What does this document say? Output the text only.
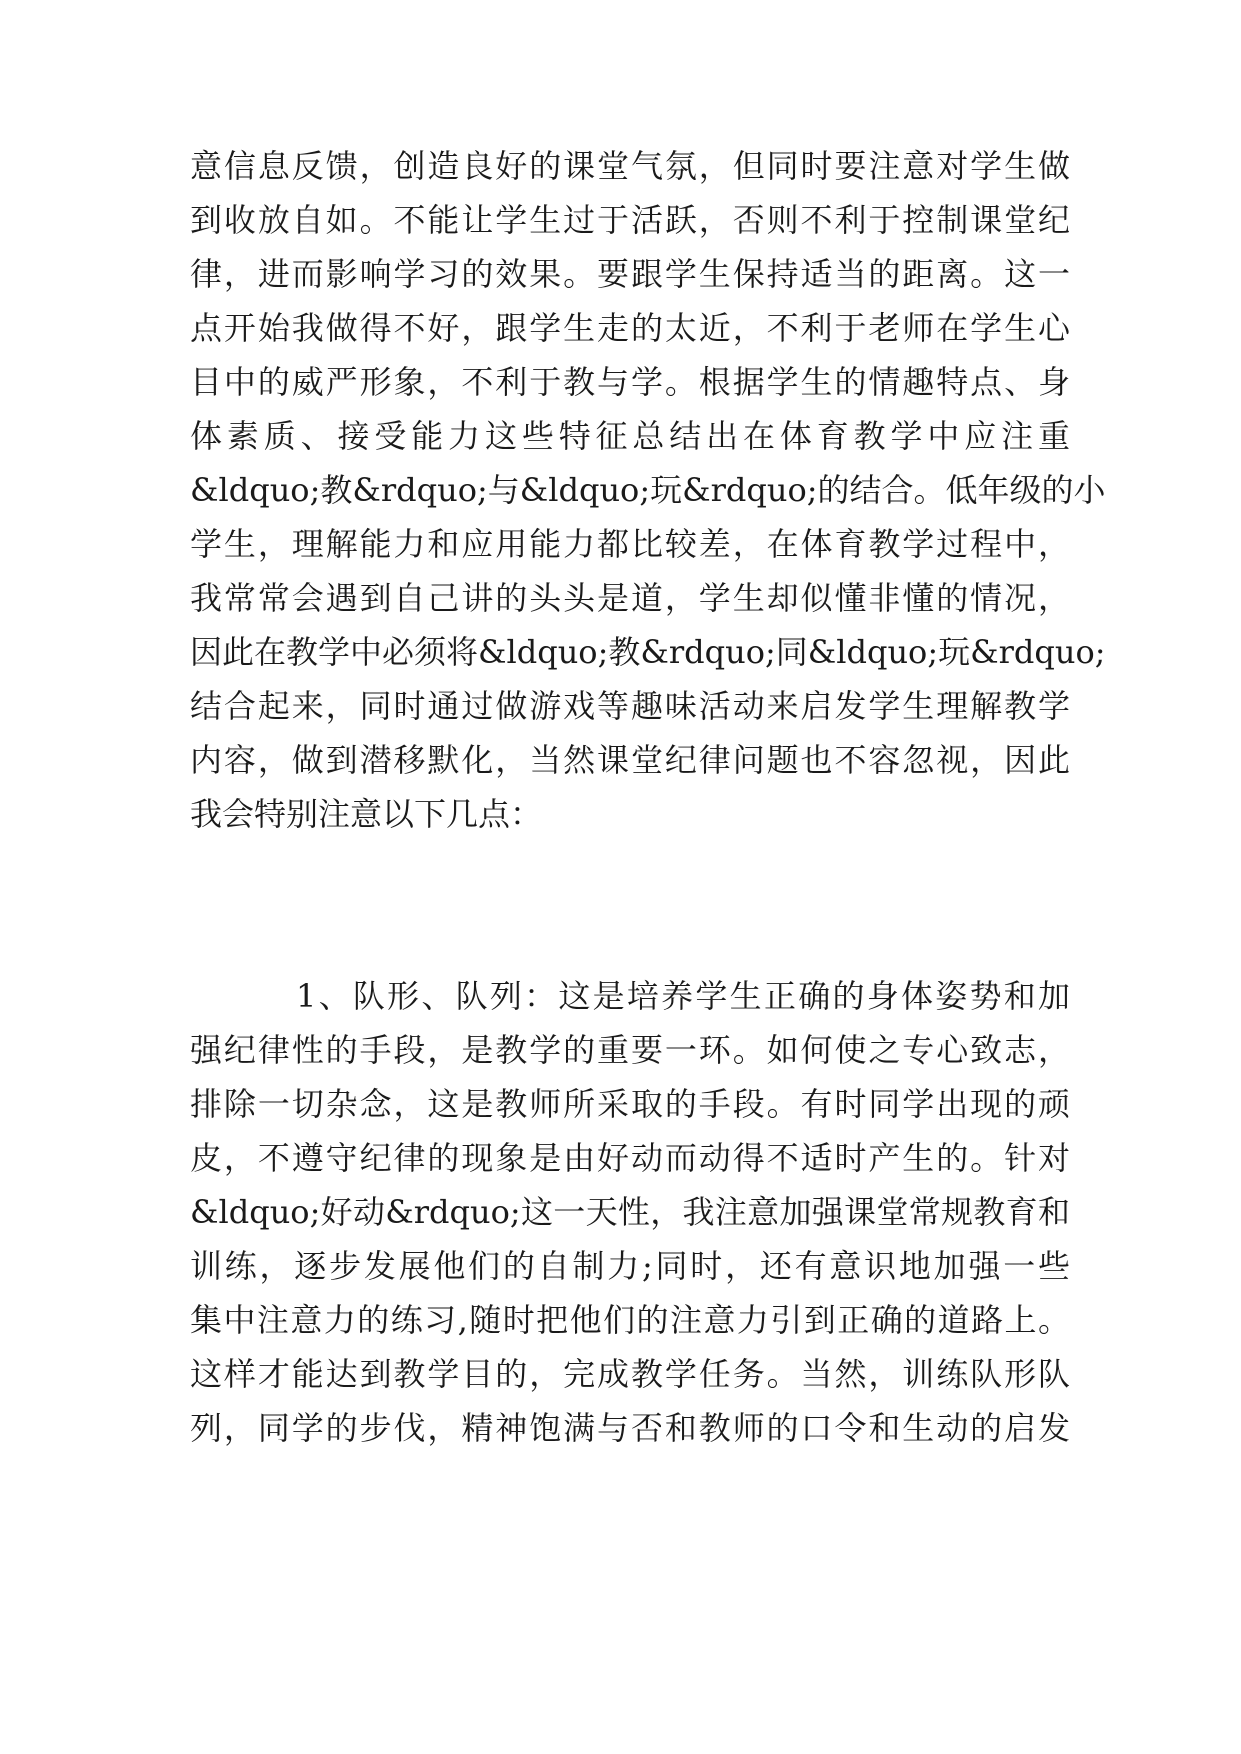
意信息反馈，创造良好的课堂气氛，但同时要注意对学生做
到收放自如。不能让学生过于活跃，否则不利于控制课堂纪
律，进而影响学习的效果。要跟学生保持适当的距离。这一
点开始我做得不好，跟学生走的太近，不利于老师在学生心
目中的威严形象，不利于教与学。根据学生的情趣特点、身
体素质、接受能力这些特征总结出在体育教学中应注重
&ldquo;教&rdquo;与&ldquo;玩&rdquo;的结合。低年级的小
学生，理解能力和应用能力都比较差，在体育教学过程中，
我常常会遇到自己讲的头头是道，学生却似懂非懂的情况，
因此在教学中必须将&ldquo;教&rdquo;同&ldquo;玩&rdquo;
结合起来，同时通过做游戏等趣味活动来启发学生理解教学
内容，做到潜移默化，当然课堂纪律问题也不容忽视，因此
我会特别注意以下几点：
1、队形、队列：这是培养学生正确的身体姿势和加
强纪律性的手段，是教学的重要一环。如何使之专心致志，
排除一切杂念，这是教师所采取的手段。有时同学出现的顽
皮，不遵守纪律的现象是由好动而动得不适时产生的。针对
&ldquo;好动&rdquo;这一天性，我注意加强课堂常规教育和
训练，逐步发展他们的自制力;同时，还有意识地加强一些
集中注意力的练习,随时把他们的注意力引到正确的道路上。
这样才能达到教学目的，完成教学任务。当然，训练队形队
列，同学的步伐，精神饱满与否和教师的口令和生动的启发
